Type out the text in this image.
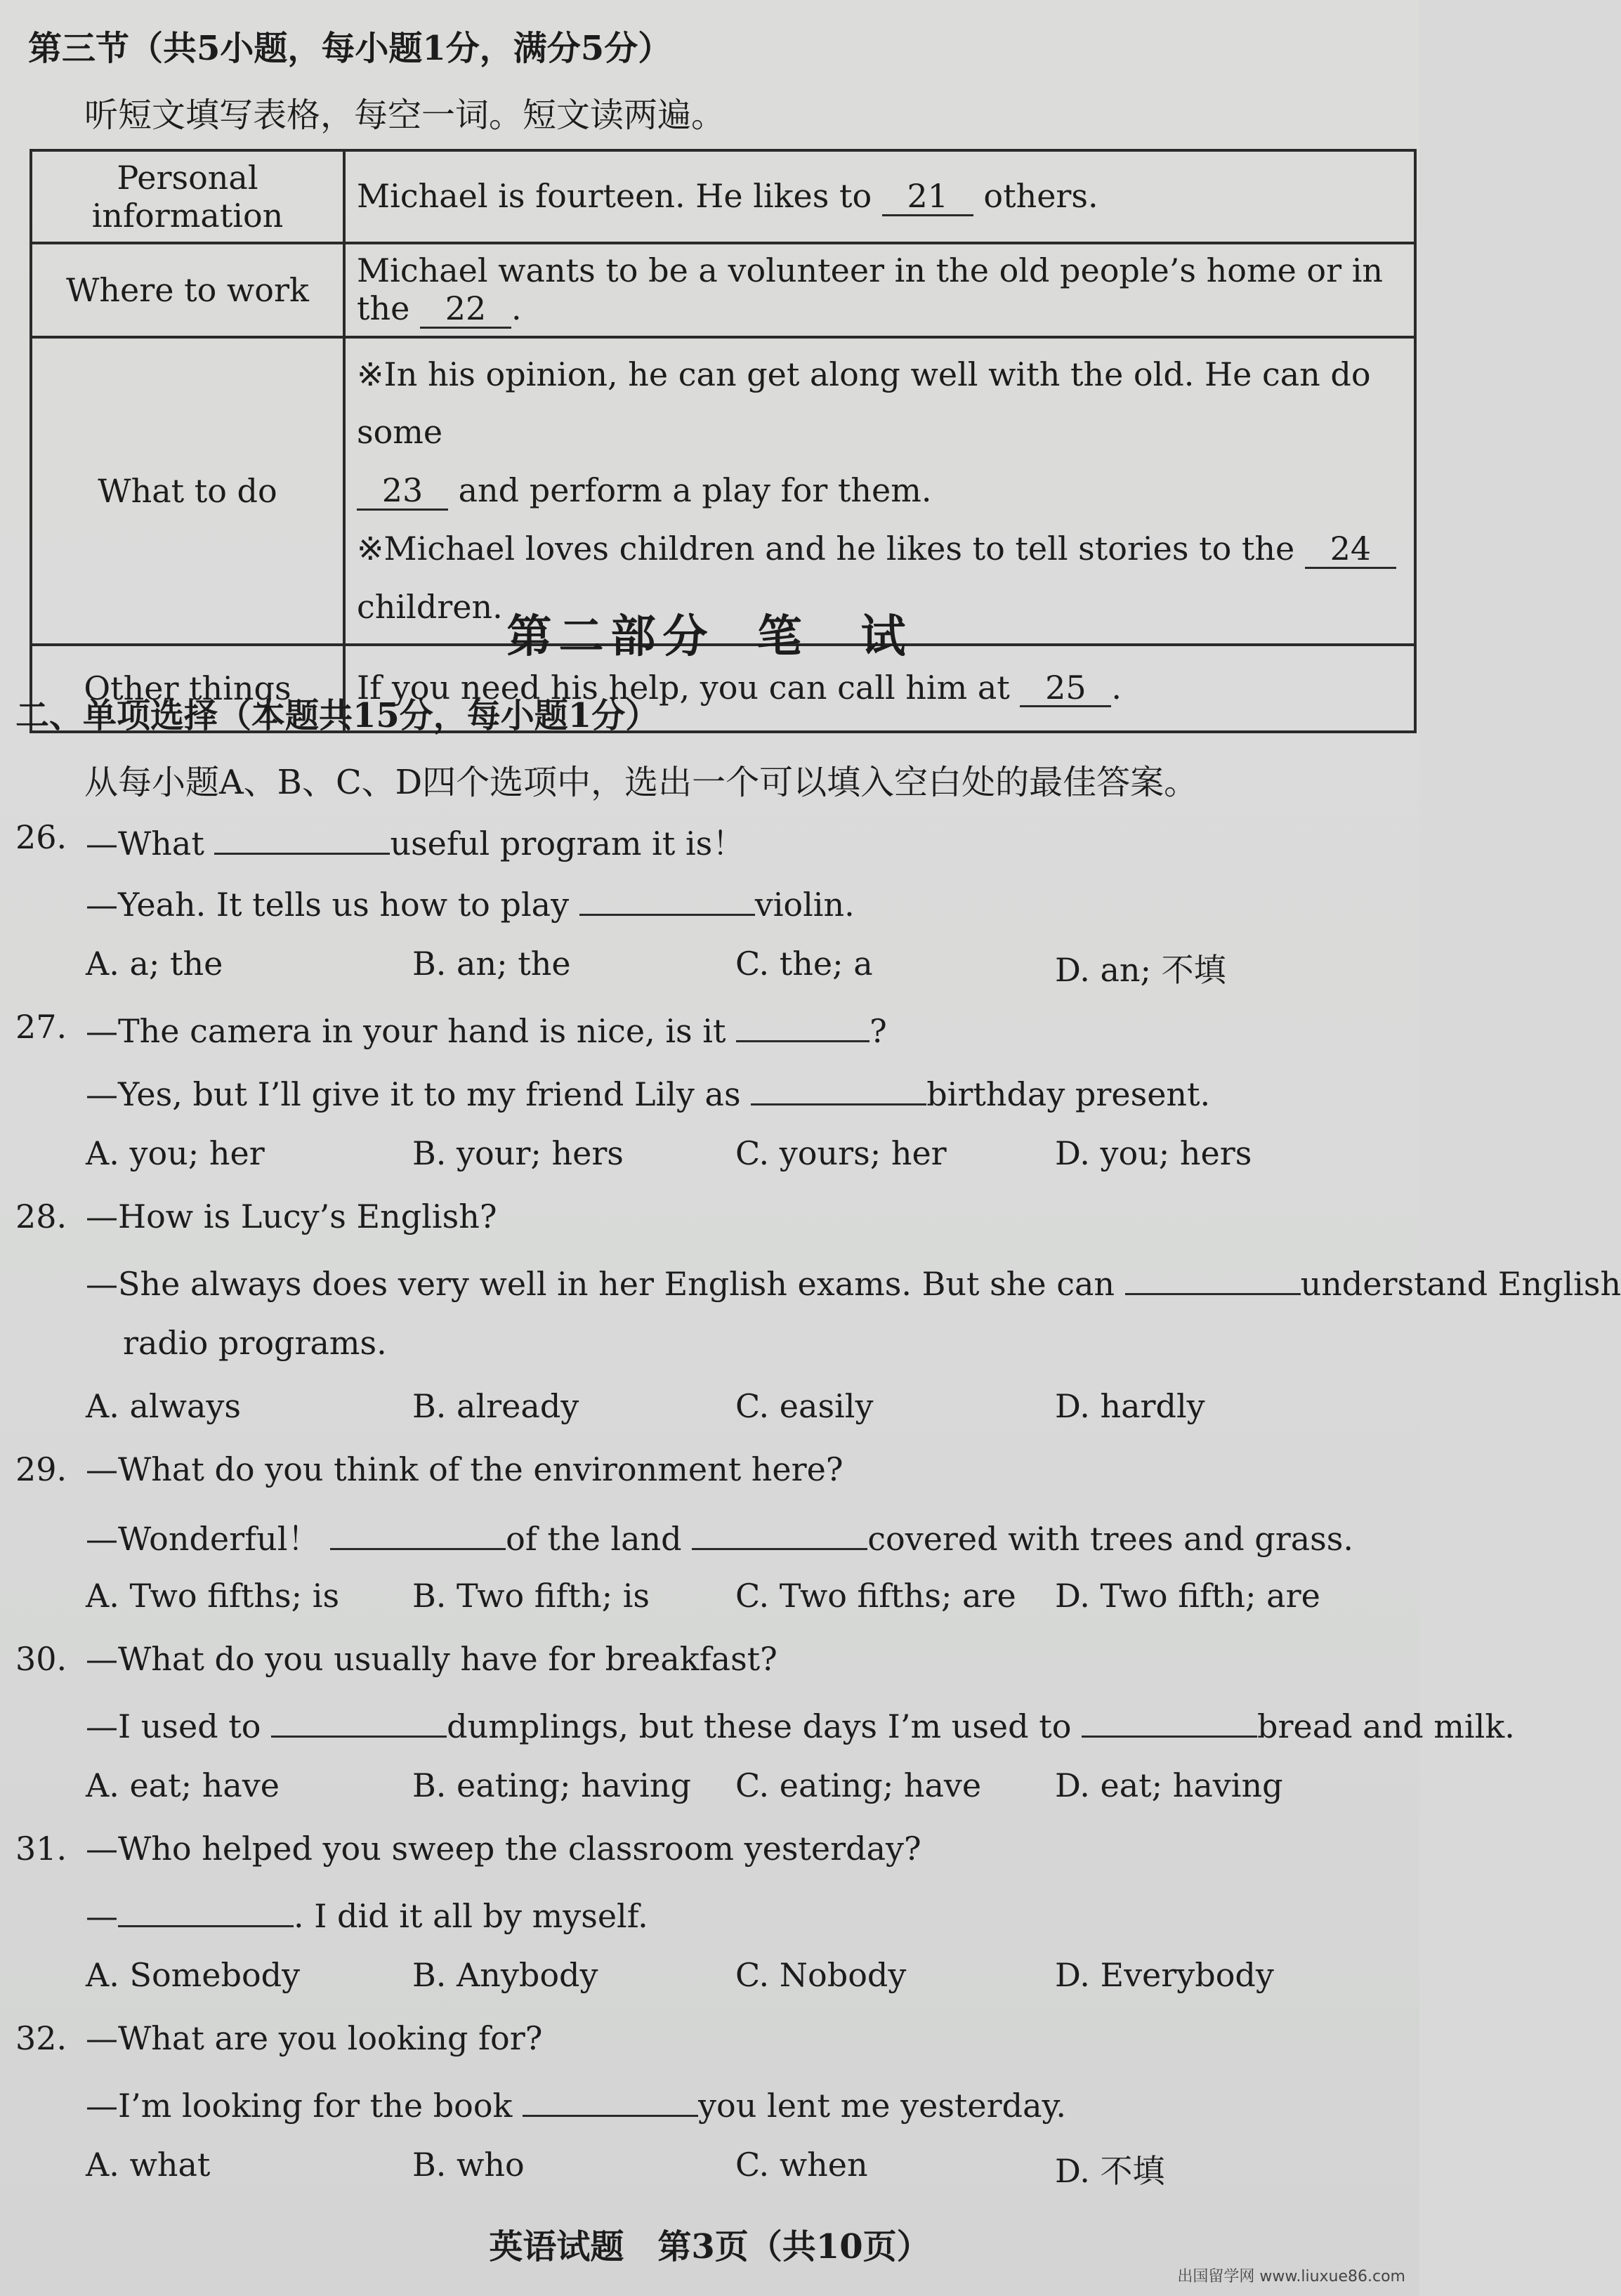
第三节（共5小题，每小题1分，满分5分）
听短文填写表格，每空一词。短文读两遍。
Personal information	Michael is fourteen. He likes to 21 others.
Where to work	Michael wants to be a volunteer in the old people’s home or in the 22 .
What to do	※In his opinion, he can get along well with the old. He can do some
23 and perform a play for them.
※Michael loves children and he likes to tell stories to the 24 children.

Other things	If you need his help, you can call him at 25 .
第二部分 笔　试
二、单项选择（本题共15分，每小题1分）
从每小题A、B、C、D四个选项中，选出一个可以填入空白处的最佳答案。
26. —What	useful program it is！
—Yeah. It tells us how to play	violin.
A. a; the	B. an; the	C. the; a	D. an; 不填
27. —The camera in your hand is nice, is it	?
—Yes, but I’ll give it to my friend Lily as	birthday present.
A. you; her	B. your; hers	C. yours; her	D. you; hers
28. —How is Lucy’s English?
—She always does very well in her English exams. But she can	understand English
radio programs.
A. always	B. already	C. easily	D. hardly
29. —What do you think of the environment here?
—Wonderful！	of the land	covered with trees and grass.
A. Two fifths; is B. Two fifth; is	C. Two fifths; are D. Two fifth; are
30. —What do you usually have for breakfast?
—I used to	dumplings, but these days I’m used to	bread and milk.
A. eat; have	B. eating; having C. eating; have D. eat; having
31. —Who helped you sweep the classroom yesterday?
—	. I did it all by myself.
A. Somebody	B. Anybody	C. Nobody	D. Everybody
32. —What are you looking for?
—I’m looking for the book	you lent me yesterday.
A. what	B. who	C. when	D. 不填
英语试题　第3页（共10页）
出国留学网 www.liuxue86.com
